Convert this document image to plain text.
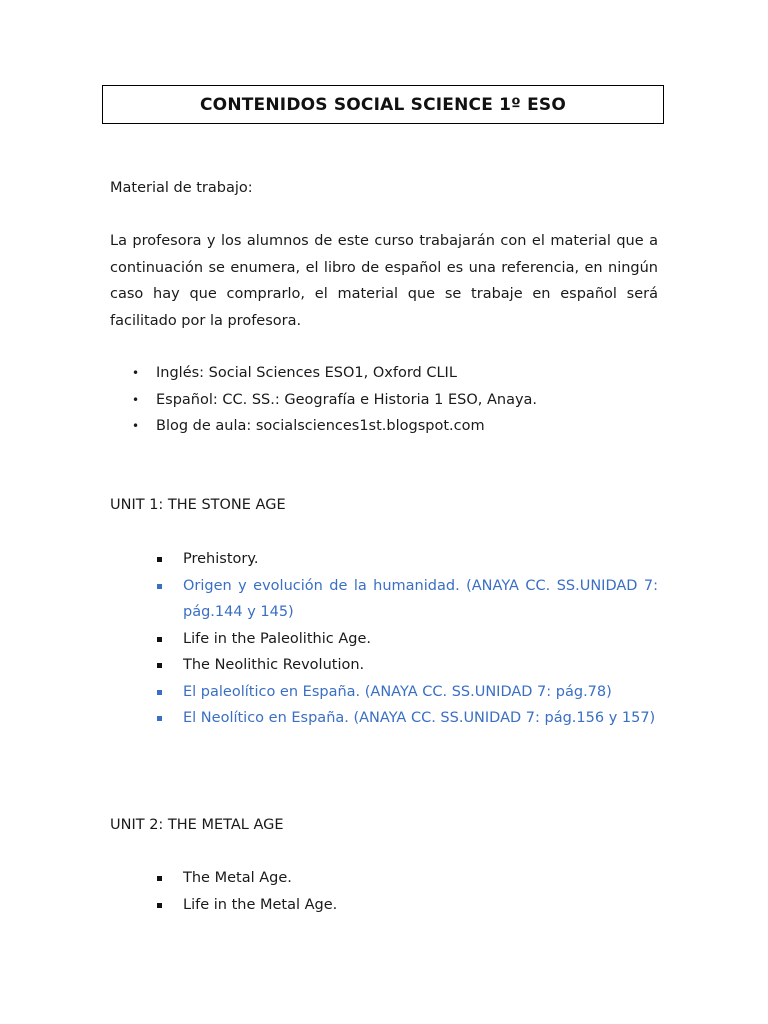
CONTENIDOS SOCIAL SCIENCE 1º ESO

Material de trabajo:

La profesora y los alumnos de este curso trabajarán con el material que a continuación se enumera, el libro de español es una referencia, en ningún caso hay que comprarlo, el material que se trabaje en español será facilitado por la profesora.

• Inglés: Social Sciences ESO1, Oxford CLIL
• Español: CC. SS.: Geografía e Historia 1 ESO, Anaya.
• Blog de aula: socialsciences1st.blogspot.com
UNIT 1: THE STONE AGE
Prehistory.
Origen y evolución de la humanidad. (ANAYA CC. SS.UNIDAD 7: pág.144 y 145)
Life in the Paleolithic Age.
The Neolithic Revolution.
El paleolítico en España. (ANAYA CC. SS.UNIDAD 7: pág.78)
El Neolítico en España. (ANAYA CC. SS.UNIDAD 7: pág.156 y 157)
UNIT 2: THE METAL AGE
The Metal Age.
Life in the Metal Age.
